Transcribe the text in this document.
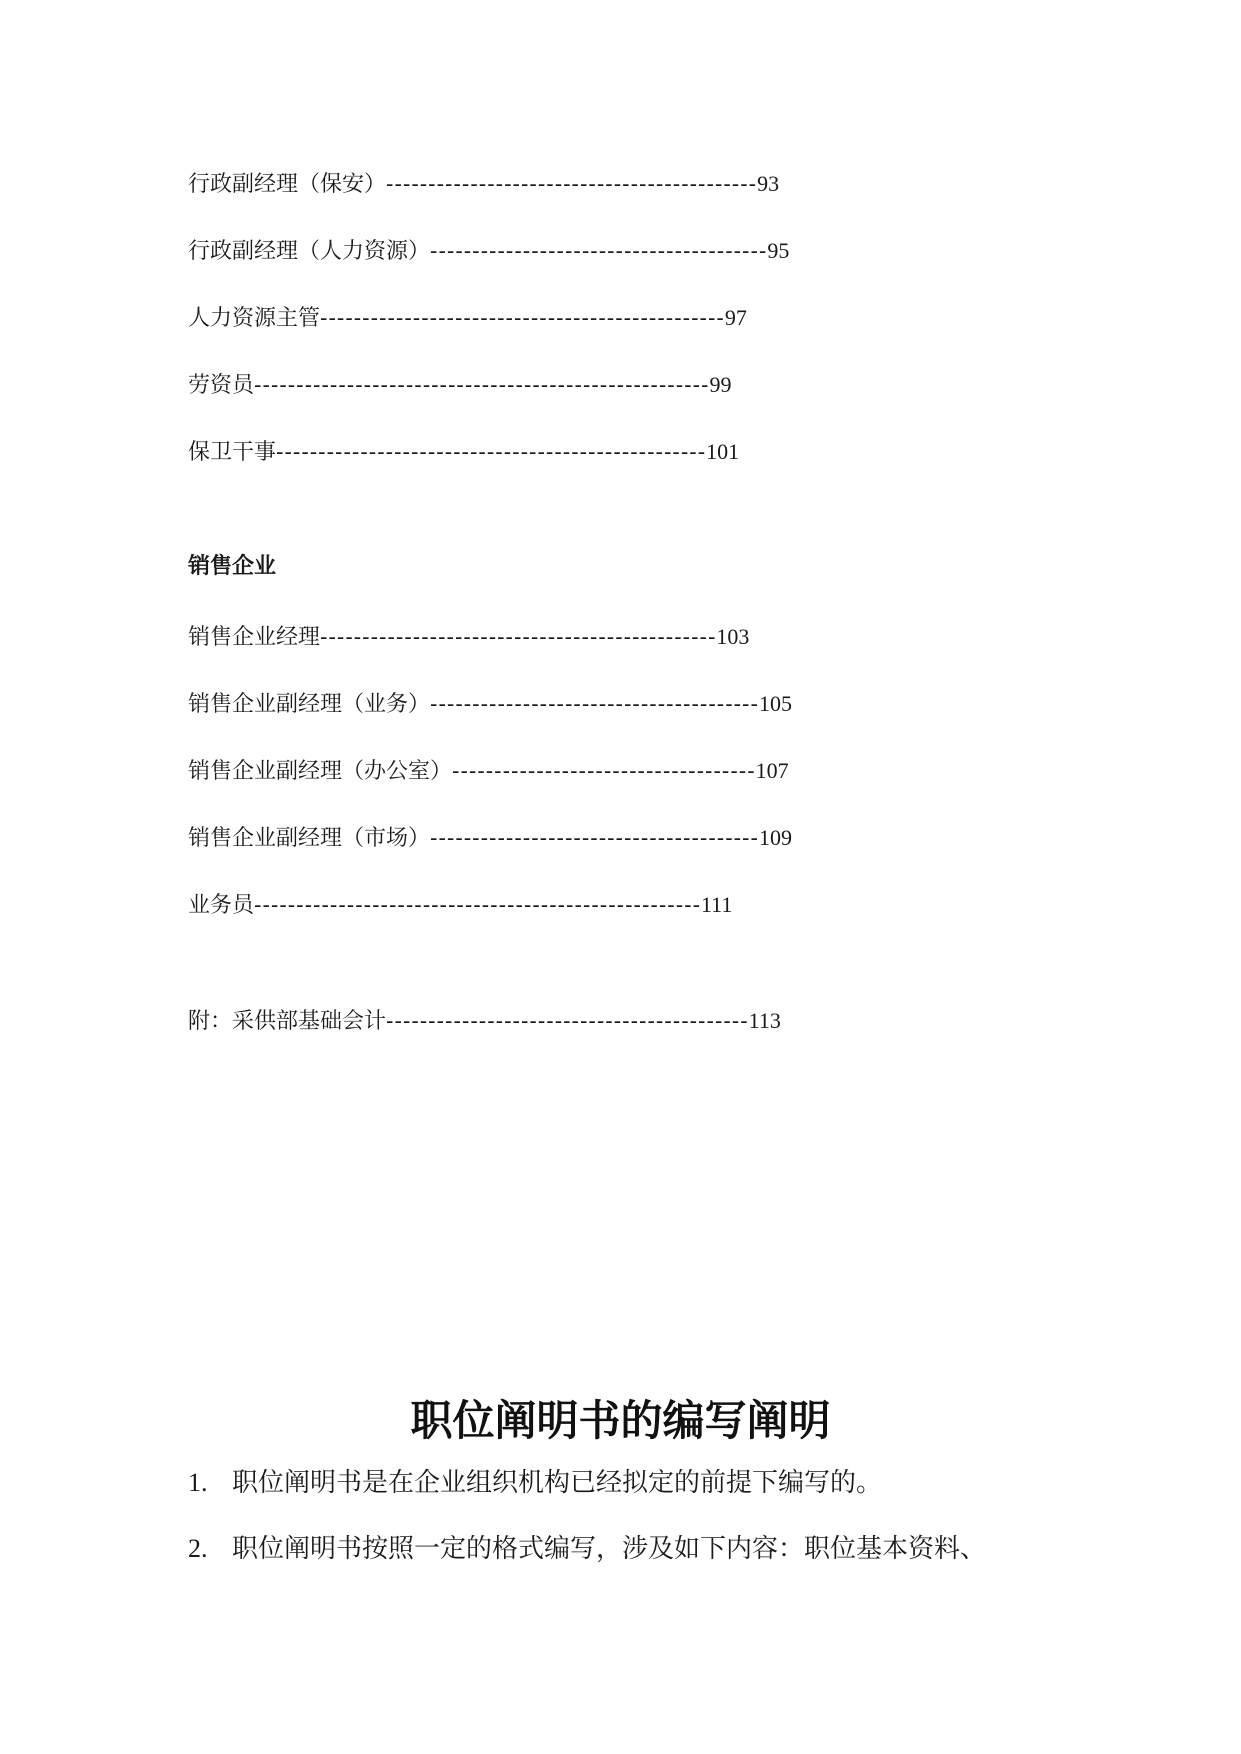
行政副经理（保安）--------------------------------------------93
行政副经理（人力资源）----------------------------------------95
人力资源主管------------------------------------------------97
劳资员------------------------------------------------------99
保卫干事---------------------------------------------------101
销售企业
销售企业经理-----------------------------------------------103
销售企业副经理（业务）---------------------------------------105
销售企业副经理（办公室）------------------------------------107
销售企业副经理（市场）---------------------------------------109
业务员-----------------------------------------------------111
附：采供部基础会计-------------------------------------------113
职位阐明书的编写阐明
1. 职位阐明书是在企业组织机构已经拟定的前提下编写的。
2. 职位阐明书按照一定的格式编写，涉及如下内容：职位基本资料、
